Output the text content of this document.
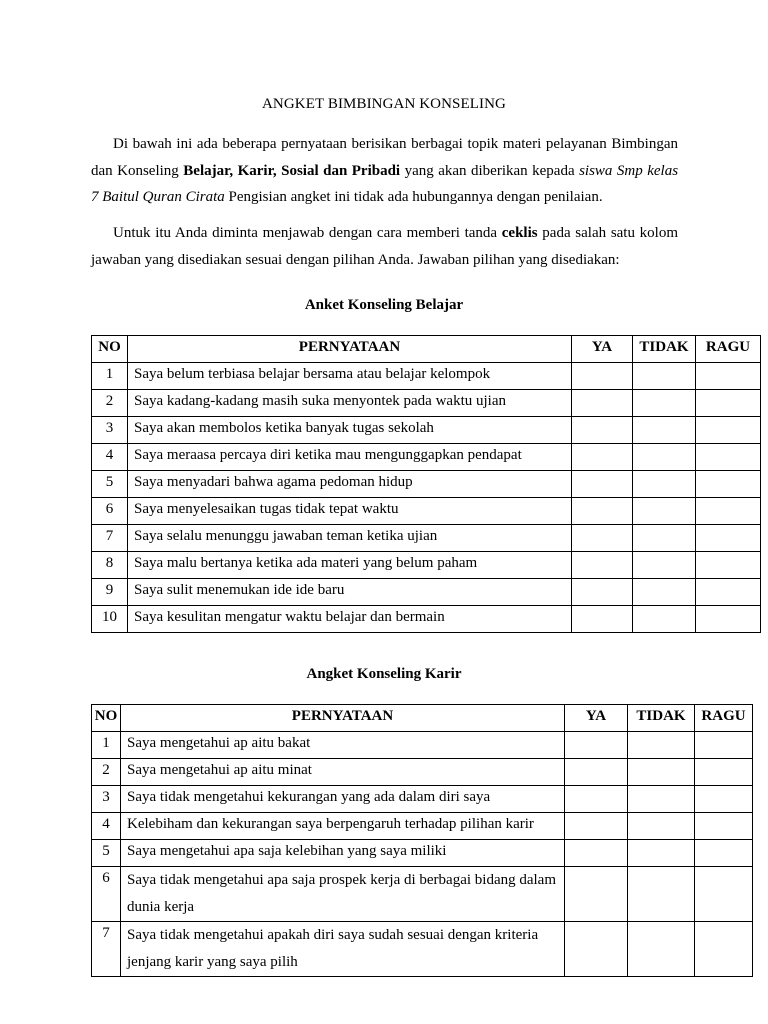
ANGKET BIMBINGAN KONSELING

Di bawah ini ada beberapa pernyataan berisikan berbagai topik materi pelayanan Bimbingan dan Konseling Belajar, Karir, Sosial dan Pribadi yang akan diberikan kepada siswa Smp kelas 7 Baitul Quran Cirata Pengisian angket ini tidak ada hubungannya dengan penilaian.

Untuk itu Anda diminta menjawab dengan cara memberi tanda ceklis pada salah satu kolom jawaban yang disediakan sesuai dengan pilihan Anda. Jawaban pilihan yang disediakan:

Anket Konseling Belajar
NO	PERNYATAAN	YA	TIDAK	RAGU
1	Saya belum terbiasa belajar bersama atau belajar kelompok			
2	Saya kadang-kadang masih suka menyontek pada waktu ujian			
3	Saya akan membolos ketika banyak tugas sekolah			
4	Saya meraasa percaya diri ketika mau mengunggapkan pendapat			
5	Saya menyadari bahwa agama pedoman hidup			
6	Saya menyelesaikan tugas tidak tepat waktu			
7	Saya selalu menunggu jawaban teman ketika ujian			
8	Saya malu bertanya ketika ada materi yang belum paham			
9	Saya sulit menemukan ide ide baru			
10	Saya kesulitan mengatur waktu belajar dan bermain			
Angket Konseling Karir
NO	PERNYATAAN	YA	TIDAK	RAGU
1	Saya mengetahui ap aitu bakat			
2	Saya mengetahui ap aitu minat			
3	Saya tidak mengetahui kekurangan yang ada dalam diri saya			
4	Kelebiham dan kekurangan saya berpengaruh terhadap pilihan karir			
5	Saya mengetahui apa saja kelebihan yang saya miliki			
6	Saya tidak mengetahui apa saja prospek kerja di berbagai bidang dalam dunia kerja			
7	Saya tidak mengetahui apakah diri saya sudah sesuai dengan kriteria jenjang karir yang saya pilih			
